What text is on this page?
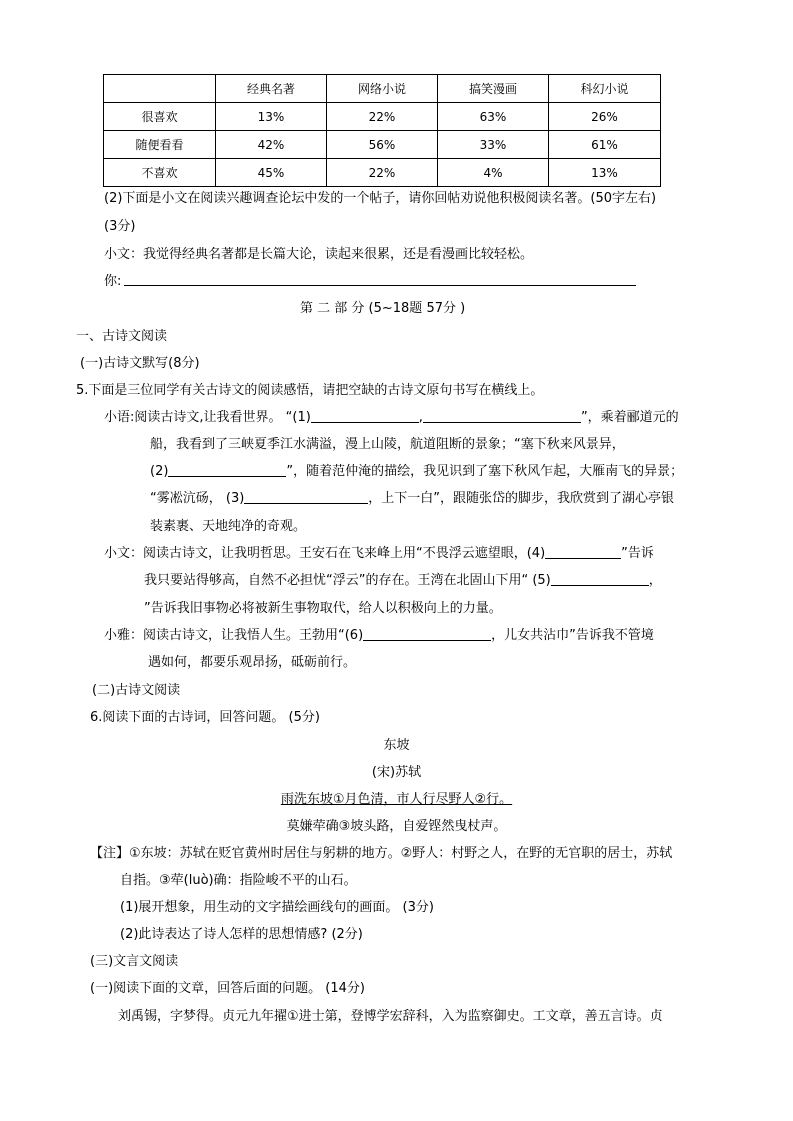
	经典名著	网络小说	搞笑漫画	科幻小说
很喜欢	13%	22%	63%	26%
随便看看	42%	56%	33%	61%
不喜欢	45%	22%	4%	13%
(2)下面是小文在阅读兴趣调查论坛中发的一个帖子，请你回帖劝说他积极阅读名著。(50字左右)
(3分)
小文：我觉得经典名著都是长篇大论，读起来很累，还是看漫画比较轻松。
你:
第 二 部 分 (5~18题 57分 )
一、古诗文阅读
(一)古诗文默写(8分)
5.下面是三位同学有关古诗文的阅读感悟，请把空缺的古诗文原句书写在横线上。
小语:阅读古诗文,让我看世界。 “(1)	,	”，乘着郦道元的
船，我看到了三峡夏季江水满溢，漫上山陵，航道阻断的景象；“塞下秋来风景异，
(2)	”，随着范仲淹的描绘，我见识到了塞下秋风乍起，大雁南飞的异景；
“雾凇沆砀， (3)	，上下一白”，跟随张岱的脚步，我欣赏到了湖心亭银
装素裹、天地纯净的奇观。
小文：阅读古诗文，让我明哲思。王安石在飞来峰上用“不畏浮云遮望眼，(4)	”告诉
我只要站得够高，自然不必担忧“浮云”的存在。王湾在北固山下用“ (5)	，
”告诉我旧事物必将被新生事物取代，给人以积极向上的力量。
小雅：阅读古诗文，让我悟人生。王勃用“(6)	，儿女共沾巾”告诉我不管境
遇如何，都要乐观昂扬，砥砺前行。
(二)古诗文阅读
6.阅读下面的古诗词，回答问题。 (5分)
东坡
(宋)苏轼
雨洗东坡①月色清，市人行尽野人②行。
莫嫌荦确③坡头路，自爱铿然曳杖声。
【注】①东坡：苏轼在贬官黄州时居住与躬耕的地方。②野人：村野之人，在野的无官职的居士，苏轼
自指。③荦(luò)确：指险峻不平的山石。
(1)展开想象，用生动的文字描绘画线句的画面。 (3分)
(2)此诗表达了诗人怎样的思想情感? (2分)
(三)文言文阅读
(一)阅读下面的文章，回答后面的问题。 (14分)
刘禹锡，字梦得。贞元九年擢①进士第，登博学宏辞科，入为监察御史。工文章，善五言诗。贞
